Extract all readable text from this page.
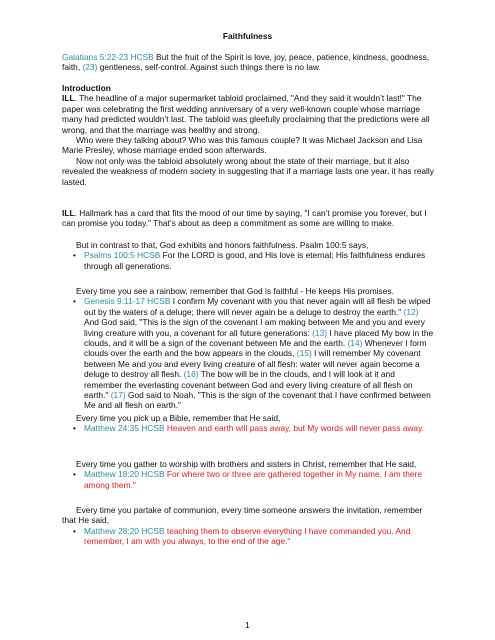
Faithfulness

Galatians 5:22-23 HCSB But the fruit of the Spirit is love, joy, peace, patience, kindness, goodness, faith, (23) gentleness, self-control. Against such things there is no law.

Introduction

ILL. The headline of a major supermarket tabloid proclaimed, "And they said it wouldn’t last!" The paper was celebrating the first wedding anniversary of a very well-known couple whose marriage many had predicted wouldn’t last. The tabloid was gleefully proclaiming that the predictions were all wrong, and that the marriage was healthy and strong.

Who were they talking about? Who was this famous couple? It was Michael Jackson and Lisa Marie Presley, whose marriage ended soon afterwards.

Now not only was the tabloid absolutely wrong about the state of their marriage, but it also revealed the weakness of modern society in suggesting that if a marriage lasts one year, it has really lasted.

ILL. Hallmark has a card that fits the mood of our time by saying, "I can’t promise you forever, but I can promise you today." That’s about as deep a commitment as some are willing to make.

But in contrast to that, God exhibits and honors faithfulness. Psalm 100:5 says,

• Psalms 100:5 HCSB For the LORD is good, and His love is eternal; His faithfulness endures through all generations.

Every time you see a rainbow, remember that God is faithful - He keeps His promises.

• Genesis 9:11-17 HCSB I confirm My covenant with you that never again will all flesh be wiped out by the waters of a deluge; there will never again be a deluge to destroy the earth." (12) And God said, "This is the sign of the covenant I am making between Me and you and every living creature with you, a covenant for all future generations: (13) I have placed My bow in the clouds, and it will be a sign of the covenant between Me and the earth. (14) Whenever I form clouds over the earth and the bow appears in the clouds, (15) I will remember My covenant between Me and you and every living creature of all flesh: water will never again become a deluge to destroy all flesh. (16) The bow will be in the clouds, and I will look at it and remember the everlasting covenant between God and every living creature of all flesh on earth." (17) God said to Noah, "This is the sign of the covenant that I have confirmed between Me and all flesh on earth."

Every time you pick up a Bible, remember that He said,

• Matthew 24:35 HCSB Heaven and earth will pass away, but My words will never pass away.

Every time you gather to worship with brothers and sisters in Christ, remember that He said,

• Matthew 18:20 HCSB For where two or three are gathered together in My name, I am there among them."

Every time you partake of communion, every time someone answers the invitation, remember that He said,

• Matthew 28:20 HCSB teaching them to observe everything I have commanded you. And remember, I am with you always, to the end of the age."
1
